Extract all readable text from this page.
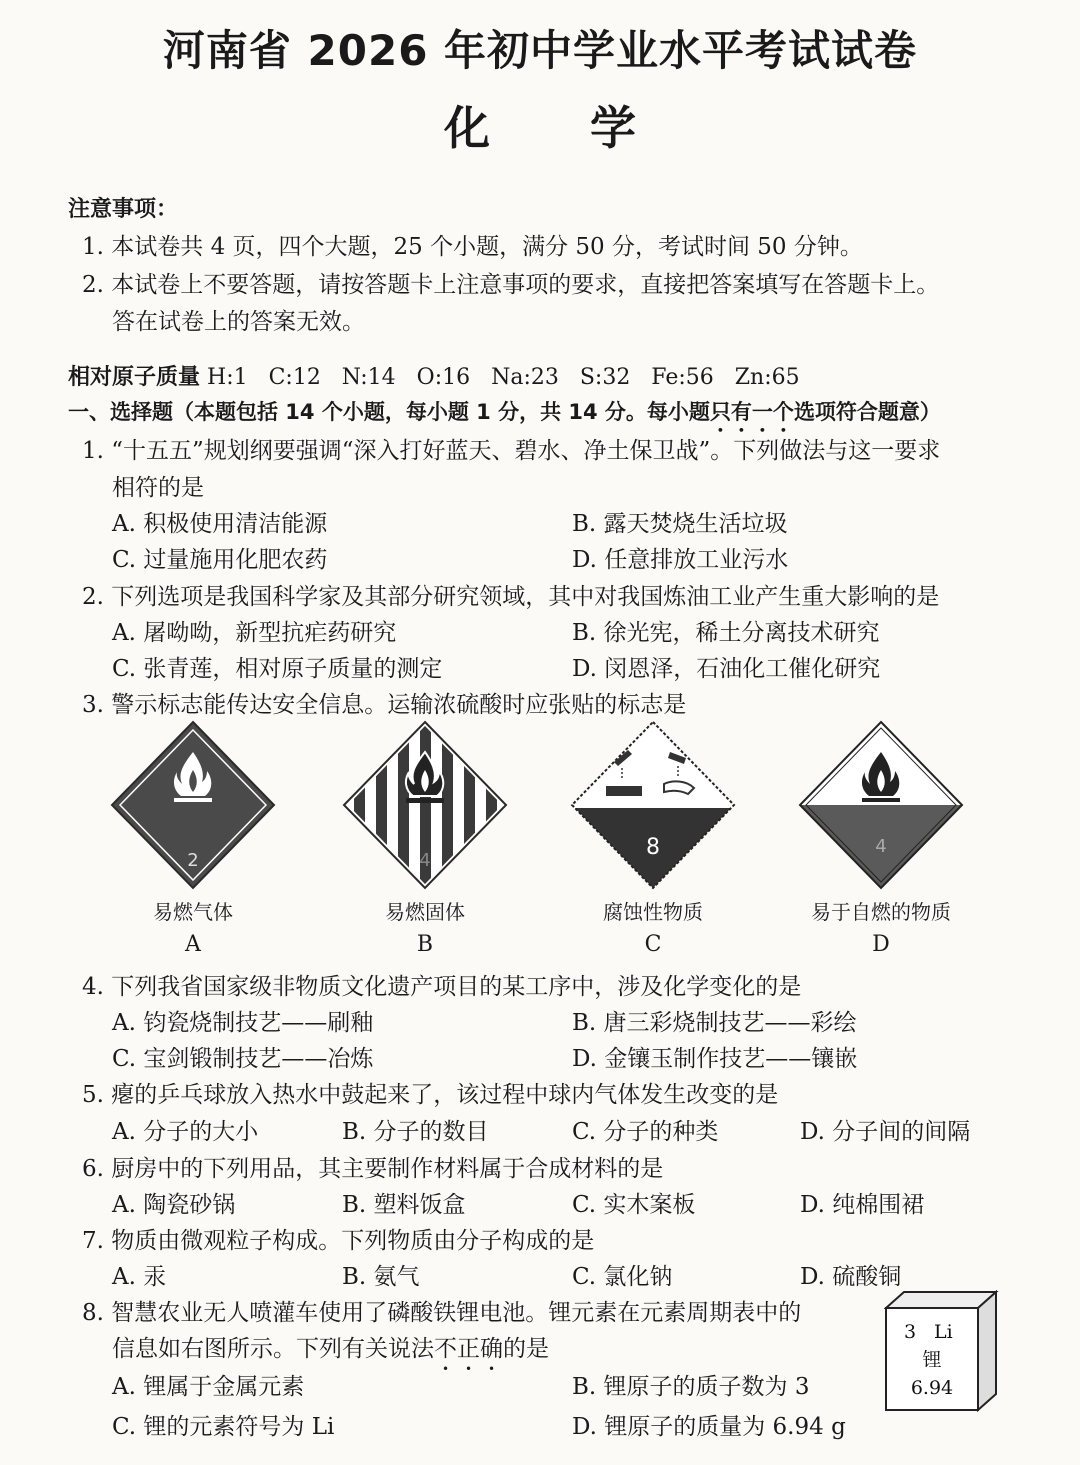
河南省 2026 年初中学业水平考试试卷
化学
注意事项：
1. 本试卷共 4 页，四个大题，25 个小题，满分 50 分，考试时间 50 分钟。
2. 本试卷上不要答题，请按答题卡上注意事项的要求，直接把答案填写在答题卡上。
答在试卷上的答案无效。
相对原子质量 H:1   C:12   N:14   O:16   Na:23   S:32   Fe:56   Zn:65
一、选择题（本题包括 14 个小题，每小题 1 分，共 14 分。每小题只有一个选项符合题意）
1. “十五五”规划纲要强调“深入打好蓝天、碧水、净土保卫战”。下列做法与这一要求
相符的是
A. 积极使用清洁能源	B. 露天焚烧生活垃圾
C. 过量施用化肥农药	D. 任意排放工业污水
2. 下列选项是我国科学家及其部分研究领域，其中对我国炼油工业产生重大影响的是
A. 屠呦呦，新型抗疟药研究	B. 徐光宪，稀土分离技术研究
C. 张青莲，相对原子质量的测定	D. 闵恩泽，石油化工催化研究
3. 警示标志能传达安全信息。运输浓硫酸时应张贴的标志是
2	4
8	4
易燃气体	易燃固体	腐蚀性物质	易于自燃的物质
A	B	C	D
4. 下列我省国家级非物质文化遗产项目的某工序中，涉及化学变化的是
A. 钧瓷烧制技艺——刷釉	B. 唐三彩烧制技艺——彩绘
C. 宝剑锻制技艺——冶炼	D. 金镶玉制作技艺——镶嵌
5. 瘪的乒乓球放入热水中鼓起来了，该过程中球内气体发生改变的是
A. 分子的大小	B. 分子的数目	C. 分子的种类	D. 分子间的间隔
6. 厨房中的下列用品，其主要制作材料属于合成材料的是
A. 陶瓷砂锅	B. 塑料饭盒	C. 实木案板	D. 纯棉围裙
7. 物质由微观粒子构成。下列物质由分子构成的是
A. 汞	B. 氨气	C. 氯化钠	D. 硫酸铜
8. 智慧农业无人喷灌车使用了磷酸铁锂电池。锂元素在元素周期表中的
信息如右图所示。下列有关说法不正确的是
A. 锂属于金属元素	B. 锂原子的质子数为 3
C. 锂的元素符号为 Li	D. 锂原子的质量为 6.94 g
3 Li
锂
6.94
